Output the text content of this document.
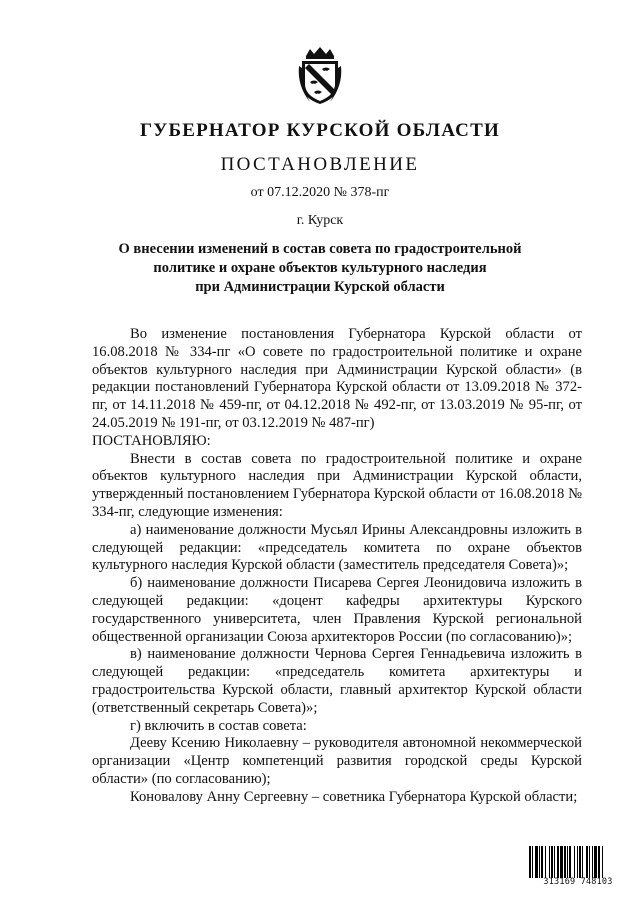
ГУБЕРНАТОР КУРСКОЙ ОБЛАСТИ
ПОСТАНОВЛЕНИЕ
от 07.12.2020 № 378-пг
г. Курск
О внесении изменений в состав совета по градостроительной
политике и охране объектов культурного наследия
при Администрации Курской области

Во изменение постановления Губернатора Курской области от 16.08.2018 № 334-пг «О совете по градостроительной политике и охране объектов культурного наследия при Администрации Курской области» (в редакции постановлений Губернатора Курской области от 13.09.2018 № 372-пг, от 14.11.2018 № 459-пг, от 04.12.2018 № 492-пг, от 13.03.2019 № 95-пг, от 24.05.2019 № 191-пг, от 03.12.2019 № 487-пг)

ПОСТАНОВЛЯЮ:

Внести в состав совета по градостроительной политике и охране объектов культурного наследия при Администрации Курской области, утвержденный постановлением Губернатора Курской области от 16.08.2018 № 334-пг, следующие изменения:

а) наименование должности Мусьял Ирины Александровны изложить в следующей редакции: «председатель комитета по охране объектов культурного наследия Курской области (заместитель председателя Совета)»;

б) наименование должности Писарева Сергея Леонидовича изложить в следующей редакции: «доцент кафедры архитектуры Курского государственного университета, член Правления Курской региональной общественной организации Союза архитекторов России (по согласованию)»;

в) наименование должности Чернова Сергея Геннадьевича изложить в следующей редакции: «председатель комитета архитектуры и градостроительства Курской области, главный архитектор Курской области (ответственный секретарь Совета)»;

г) включить в состав совета:

Дееву Ксению Николаевну – руководителя автономной некоммерческой организации «Центр компетенций развития городской среды Курской области» (по согласованию);

Коновалову Анну Сергеевну – советника Губернатора Курской области;

313169 748103
